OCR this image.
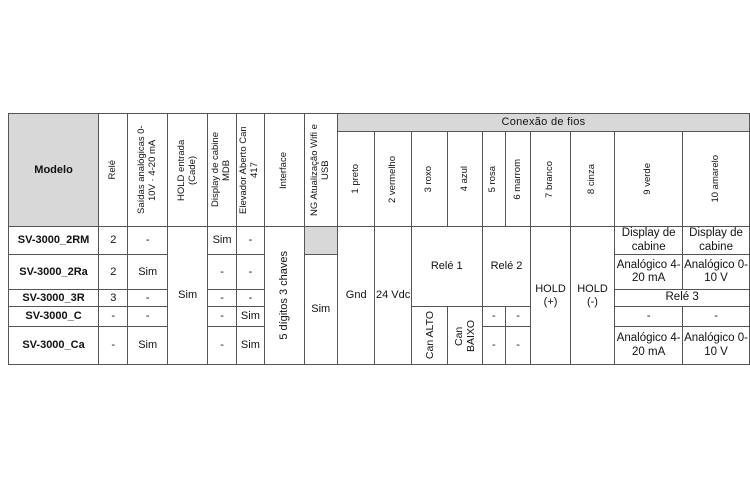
Modelo	Relé	Saídas analógicas 0-10V · 4-20 mA	HOLD entrada (Cade)	Display de cabine MDB	Elevador Aberto Can 417	Interface	NG Atualização Wifi e USB	Conexão de fios									

								1 preto	2 vermelho	3 roxo	4 azul	5 rosa	6 marrom	7 branco	8 cinza	9 verde	10 amarelo

SV-3000_2RM	2	-	Sim	Sim	-	5 dígitos 3 chaves		Gnd	24 Vdc	Relé 1		Relé 2		HOLD (+)	HOLD (-)	Display de cabine	Display de cabine
SV-3000_2Ra	2	Sim		-	-		Sim									Analógico 4-20 mA	Analógico 0-10 V
SV-3000_3R	3	-		-	-											Relé 3	
SV-3000_C	-	-		-	Sim					Can ALTO	Can BAIXO	-	-			-	-
SV-3000_Ca	-	Sim		-	Sim							-	-			Analógico 4-20 mA	Analógico 0-10 V
